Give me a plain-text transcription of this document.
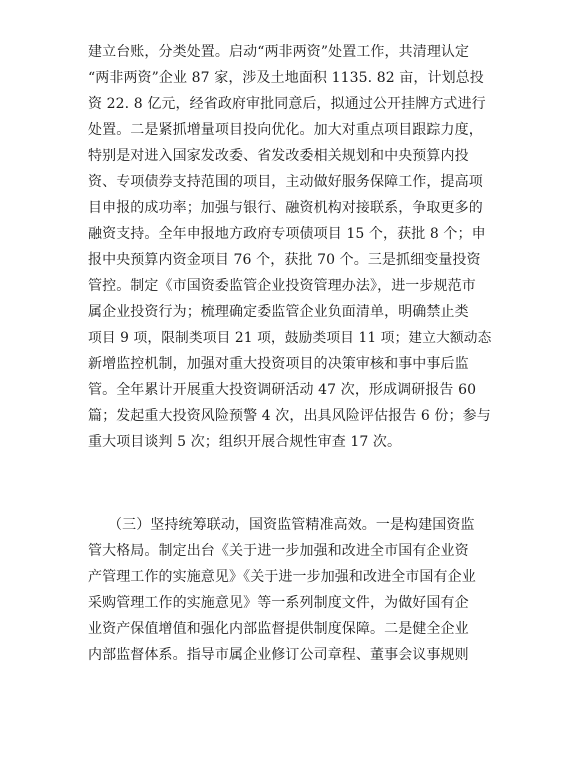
建立台账，分类处置。启动“两非两资”处置工作，共清理认定
“两非两资”企业 87 家，涉及土地面积 1135. 82 亩，计划总投
资 22. 8 亿元，经省政府审批同意后，拟通过公开挂牌方式进行
处置。二是紧抓增量项目投向优化。加大对重点项目跟踪力度，
特别是对进入国家发改委、省发改委相关规划和中央预算内投
资、专项债券支持范围的项目，主动做好服务保障工作，提高项
目申报的成功率；加强与银行、融资机构对接联系，争取更多的
融资支持。全年申报地方政府专项债项目 15 个，获批 8 个；申
报中央预算内资金项目 76 个，获批 70 个。三是抓细变量投资
管控。制定《市国资委监管企业投资管理办法》，进一步规范市
属企业投资行为；梳理确定委监管企业负面清单，明确禁止类
项目 9 项，限制类项目 21 项，鼓励类项目 11 项；建立大额动态
新增监控机制，加强对重大投资项目的决策审核和事中事后监
管。全年累计开展重大投资调研活动 47 次，形成调研报告 60
篇；发起重大投资风险预警 4 次，出具风险评估报告 6 份；参与
重大项目谈判 5 次；组织开展合规性审查 17 次。
（三）坚持统筹联动，国资监管精准高效。一是构建国资监
管大格局。制定出台《关于进一步加强和改进全市国有企业资
产管理工作的实施意见》《关于进一步加强和改进全市国有企业
采购管理工作的实施意见》等一系列制度文件，为做好国有企
业资产保值增值和强化内部监督提供制度保障。二是健全企业
内部监督体系。指导市属企业修订公司章程、董事会议事规则
